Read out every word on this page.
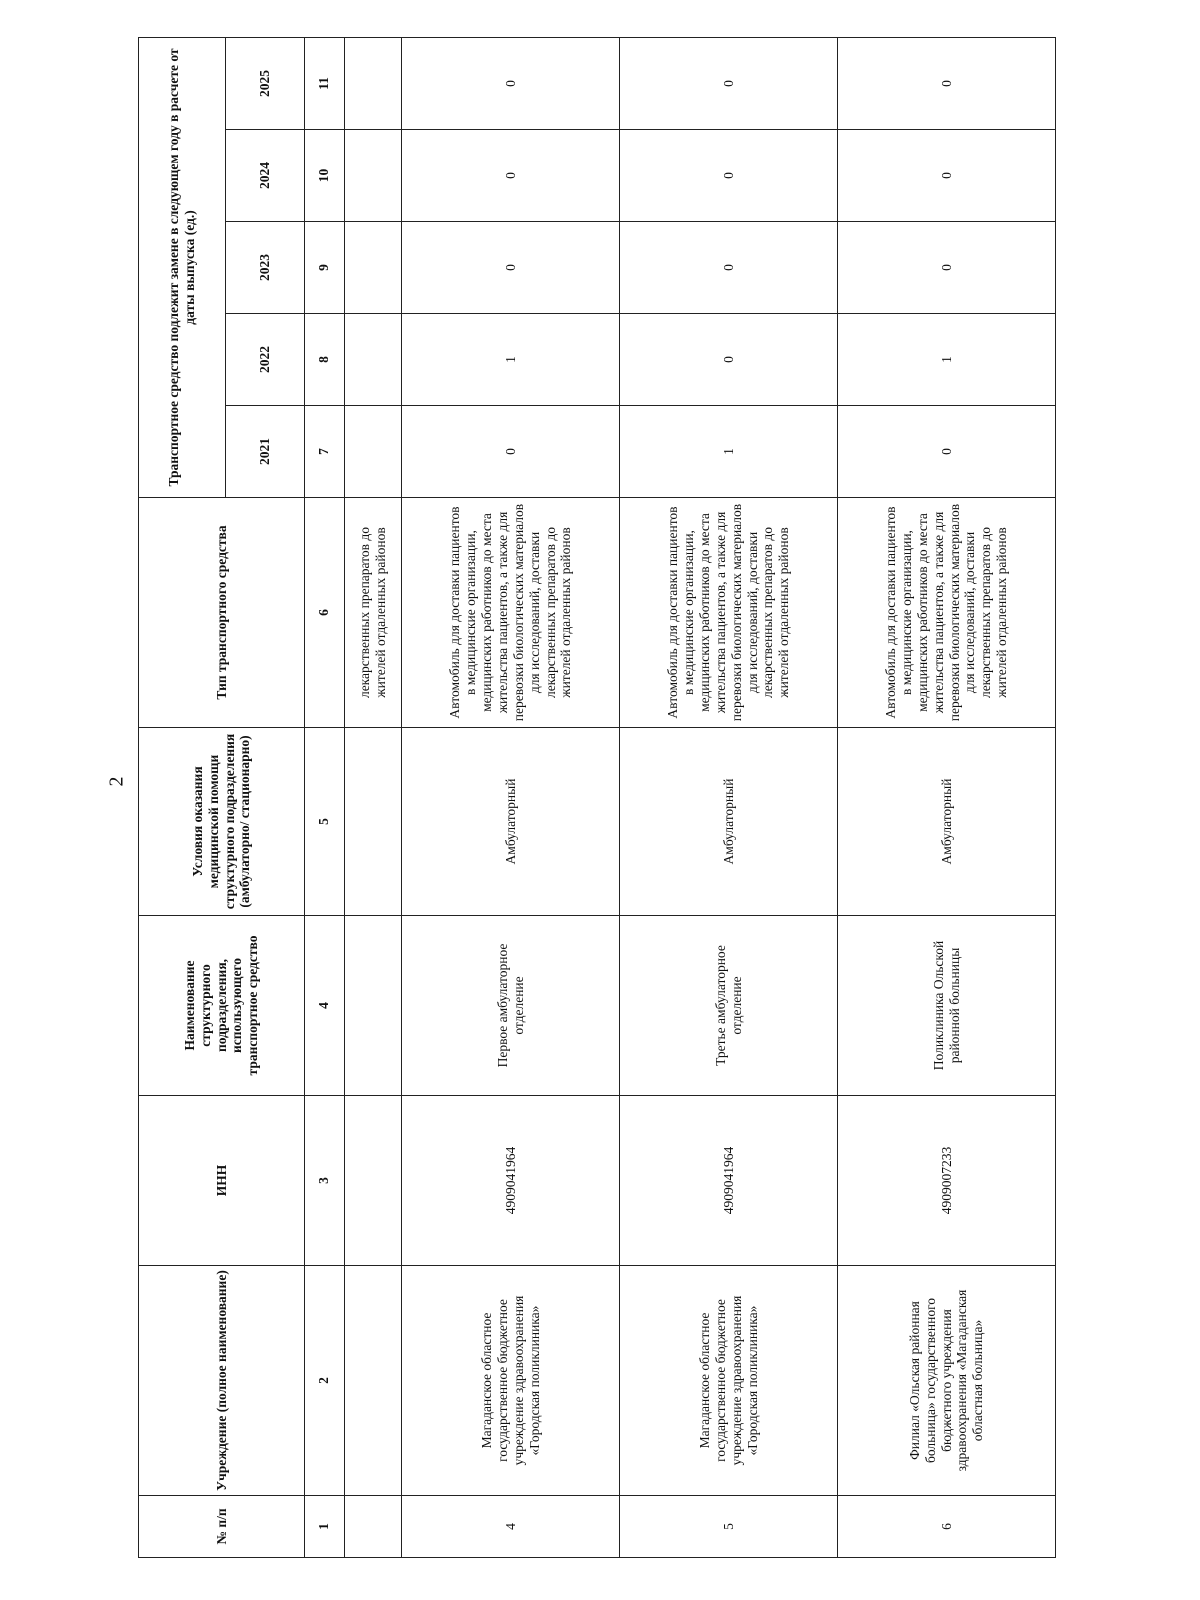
2
№ п/п	Учреждение (полное наименование)	ИНН	Наименование структурного подразделения, использующего транспортное средство	Условия оказания медицинской помощи структурного подразделения (амбулаторно/ стационарно)	Тип транспортного средства	Транспортное средство подлежит замене в следующем году в расчете от даты выпуска (ед.)				
						2021	2022	2023	2024	2025
1	2	3	4	5	6	7	8	9	10	11
					лекарственных препаратов до жителей отдаленных районов					
4	Магаданское областное государственное бюджетное учреждение здравоохранения «Городская поликлиника»	4909041964	Первое амбулаторное отделение	Амбулаторный	Автомобиль для доставки пациентов в медицинские организации, медицинских работников до места жительства пациентов, а также для перевозки биологических материалов для исследований, доставки лекарственных препаратов до жителей отдаленных районов	0	1	0	0	0
5	Магаданское областное государственное бюджетное учреждение здравоохранения «Городская поликлиника»	4909041964	Третье амбулаторное отделение	Амбулаторный	Автомобиль для доставки пациентов в медицинские организации, медицинских работников до места жительства пациентов, а также для перевозки биологических материалов для исследований, доставки лекарственных препаратов до жителей отдаленных районов	1	0	0	0	0
6	Филиал «Ольская районная больница» государственного бюджетного учреждения здравоохранения «Магаданская областная больница»	4909007233	Поликлиника Ольской районной больницы	Амбулаторный	Автомобиль для доставки пациентов в медицинские организации, медицинских работников до места жительства пациентов, а также для перевозки биологических материалов для исследований, доставки лекарственных препаратов до жителей отдаленных районов	0	1	0	0	0
